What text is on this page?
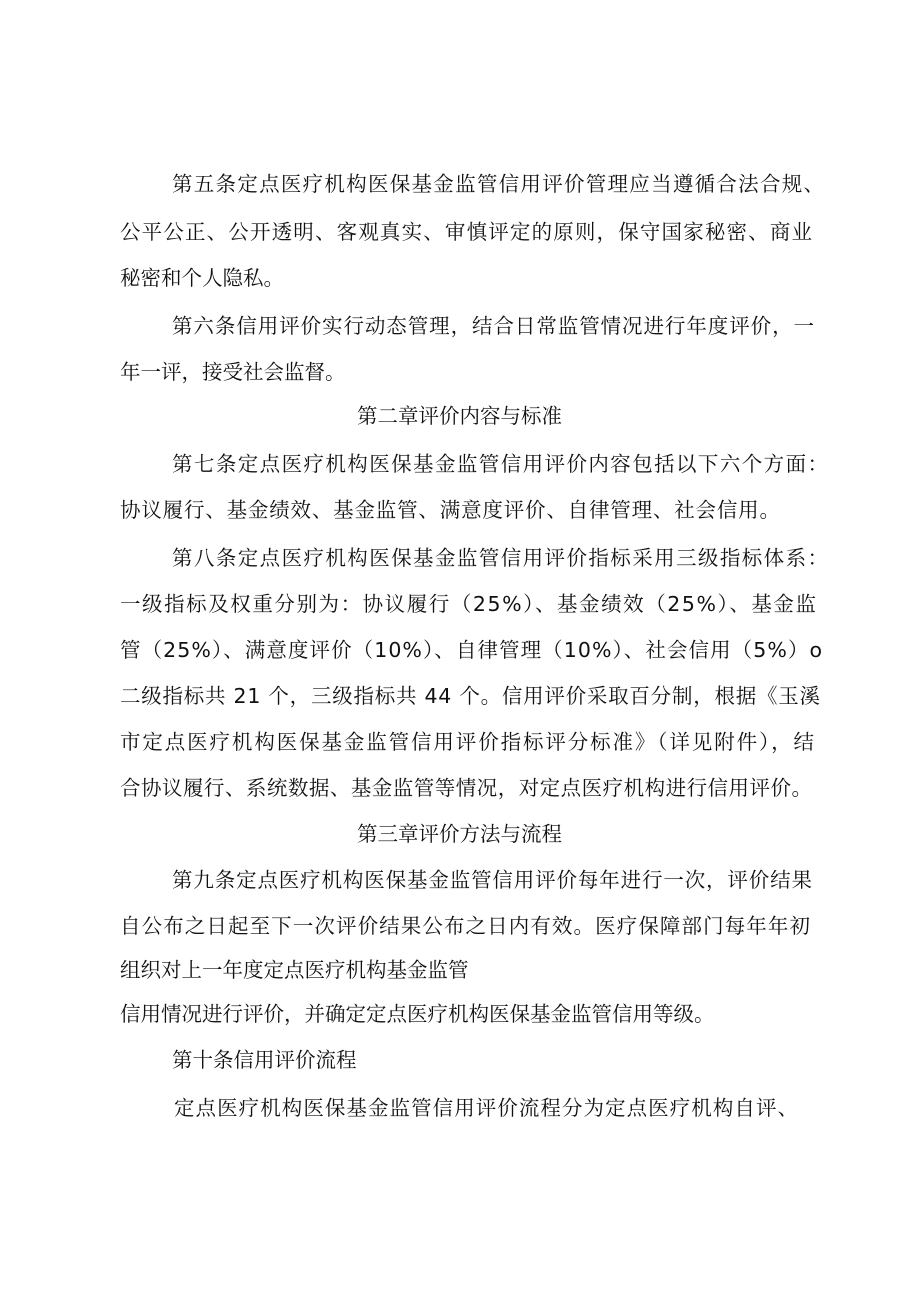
第五条定点医疗机构医保基金监管信用评价管理应当遵循合法合规、
公平公正、公开透明、客观真实、审慎评定的原则，保守国家秘密、商业
秘密和个人隐私。
第六条信用评价实行动态管理，结合日常监管情况进行年度评价，一
年一评，接受社会监督。
第二章评价内容与标准
第七条定点医疗机构医保基金监管信用评价内容包括以下六个方面：
协议履行、基金绩效、基金监管、满意度评价、自律管理、社会信用。
第八条定点医疗机构医保基金监管信用评价指标采用三级指标体系：
一级指标及权重分别为：协议履行（25%）、基金绩效（25%）、基金监
管（25%）、满意度评价（10%）、自律管理（10%）、社会信用（5%）o
二级指标共 21 个，三级指标共 44 个。信用评价采取百分制，根据《玉溪
市定点医疗机构医保基金监管信用评价指标评分标准》（详见附件），结
合协议履行、系统数据、基金监管等情况，对定点医疗机构进行信用评价。
第三章评价方法与流程
第九条定点医疗机构医保基金监管信用评价每年进行一次，评价结果
自公布之日起至下一次评价结果公布之日内有效。医疗保障部门每年年初
组织对上一年度定点医疗机构基金监管
信用情况进行评价，并确定定点医疗机构医保基金监管信用等级。
第十条信用评价流程
定点医疗机构医保基金监管信用评价流程分为定点医疗机构自评、
